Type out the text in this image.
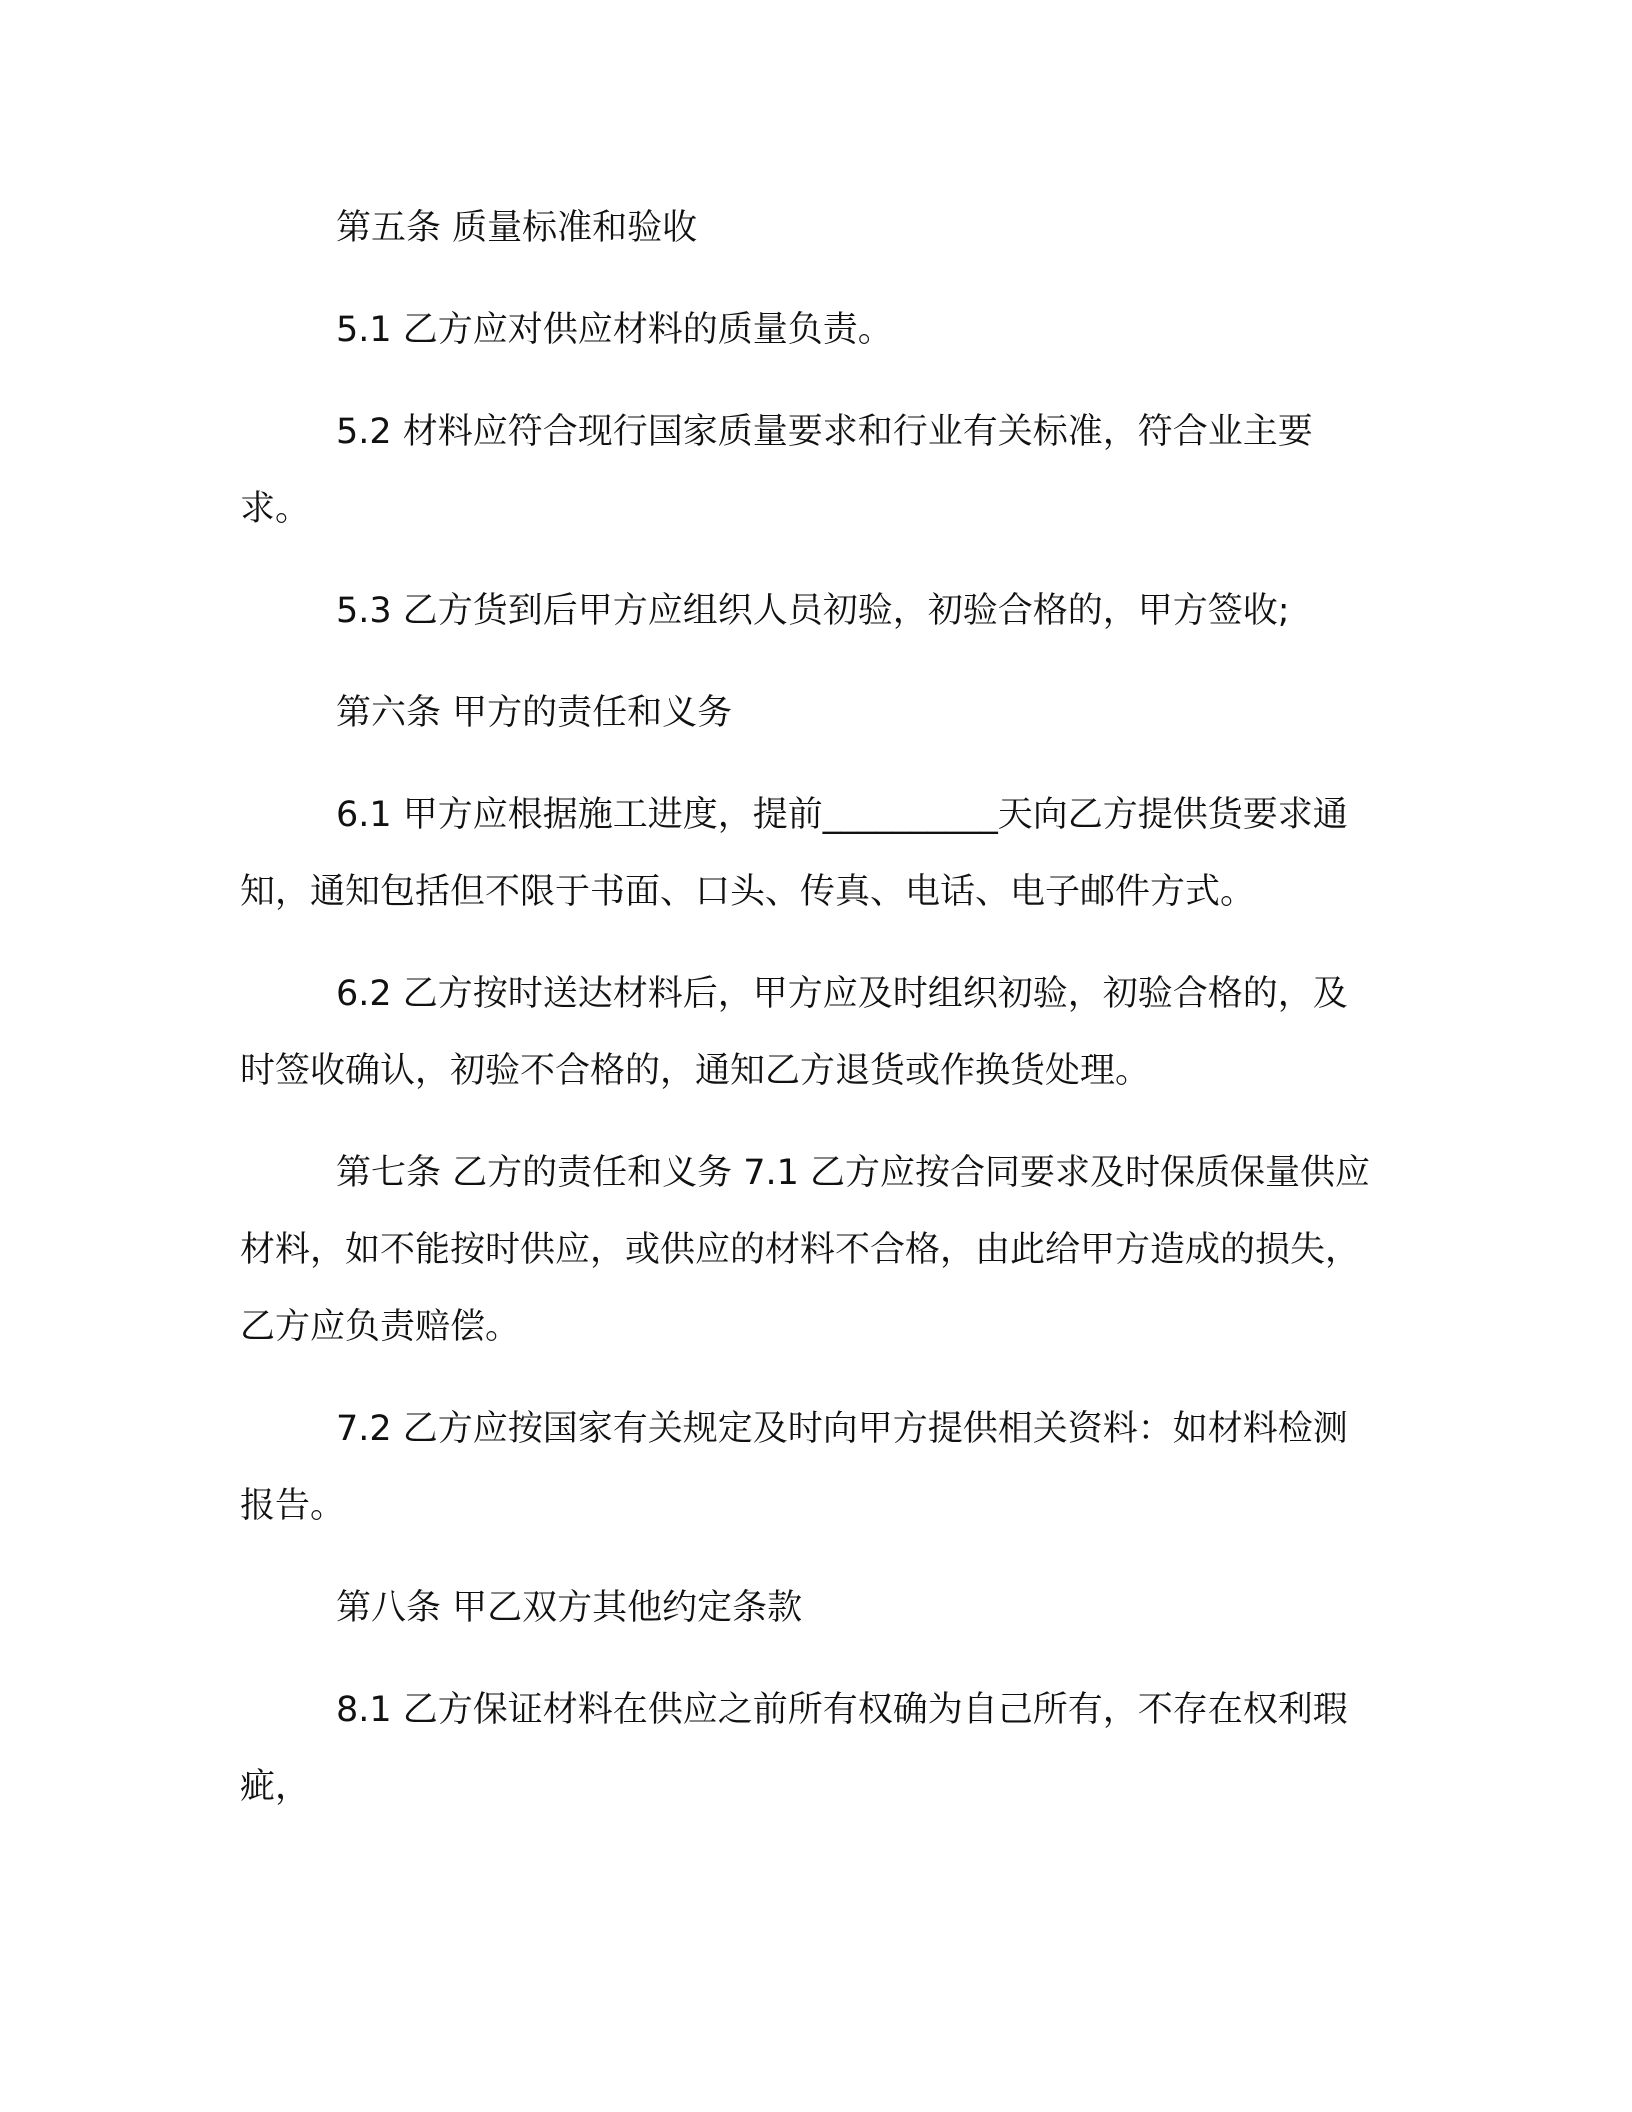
第五条 质量标准和验收

5.1 乙方应对供应材料的质量负责。

5.2 材料应符合现行国家质量要求和行业有关标准，符合业主要求。

5.3 乙方货到后甲方应组织人员初验，初验合格的，甲方签收;

第六条 甲方的责任和义务

6.1 甲方应根据施工进度，提前__________天向乙方提供货要求通知，通知包括但不限于书面、口头、传真、电话、电子邮件方式。

6.2 乙方按时送达材料后，甲方应及时组织初验，初验合格的，及时签收确认，初验不合格的，通知乙方退货或作换货处理。

第七条 乙方的责任和义务 7.1 乙方应按合同要求及时保质保量供应材料，如不能按时供应，或供应的材料不合格，由此给甲方造成的损失，乙方应负责赔偿。

7.2 乙方应按国家有关规定及时向甲方提供相关资料：如材料检测报告。

第八条 甲乙双方其他约定条款

8.1 乙方保证材料在供应之前所有权确为自己所有，不存在权利瑕疵，
